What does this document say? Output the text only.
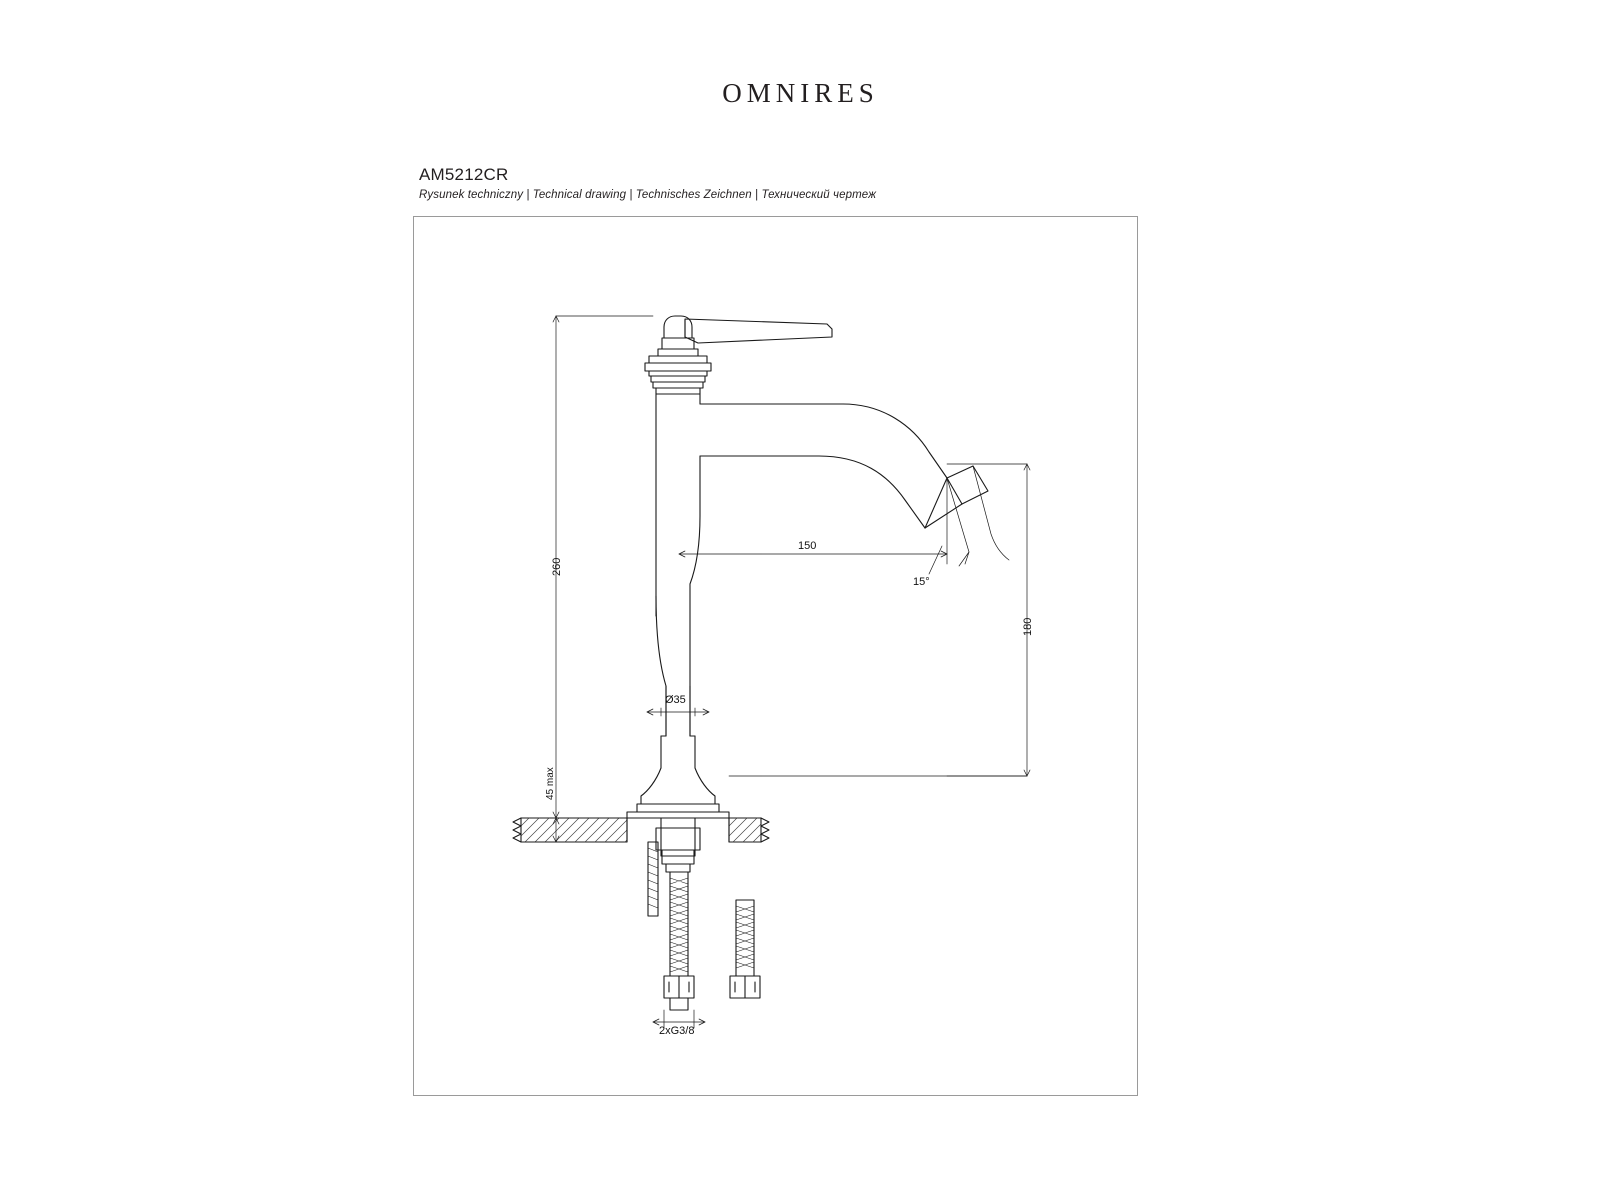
OMNIRES
AM5212CR
Rysunek techniczny | Technical drawing | Technisches Zeichnen | Технический чертеж
260
150
180
Ø35
45 max
15°
2xG3/8
